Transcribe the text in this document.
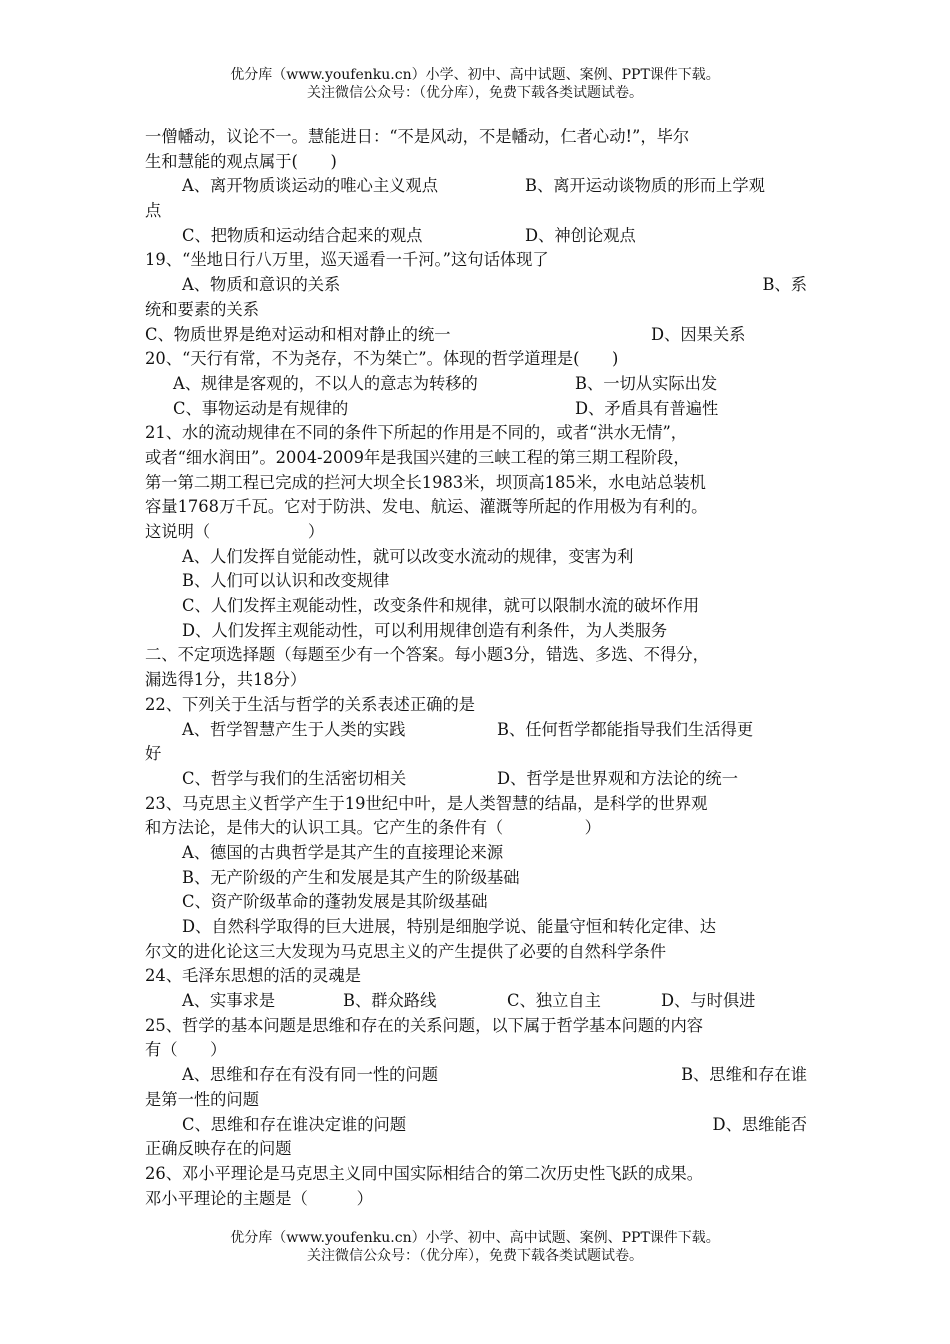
优分库（www.youfenku.cn）小学、初中、高中试题、案例、PPT课件下载。
关注微信公众号：（优分库），免费下载各类试题试卷。
一僧幡动，议论不一。慧能进日：“不是风动，不是幡动，仁者心动!”，毕尔
生和慧能的观点属于(　　)
A、离开物质谈运动的唯心主义观点	B、离开运动谈物质的形而上学观
点
C、把物质和运动结合起来的观点	D、神创论观点
19、“坐地日行八万里，巡天遥看一千河。”这句话体现了
A、物质和意识的关系	B、系
统和要素的关系
C、物质世界是绝对运动和相对静止的统一	D、因果关系
20、“天行有常，不为尧存，不为桀亡”。体现的哲学道理是(　　)
A、规律是客观的，不以人的意志为转移的	B、一切从实际出发
C、事物运动是有规律的	D、矛盾具有普遍性
21、水的流动规律在不同的条件下所起的作用是不同的，或者“洪水无情”，
或者“细水润田”。2004-2009年是我国兴建的三峡工程的第三期工程阶段，
第一第二期工程已完成的拦河大坝全长1983米，坝顶高185米，水电站总装机
容量1768万千瓦。它对于防洪、发电、航运、灌溉等所起的作用极为有利的。
这说明（　　　　　　）
A、人们发挥自觉能动性，就可以改变水流动的规律，变害为利
B、人们可以认识和改变规律
C、人们发挥主观能动性，改变条件和规律，就可以限制水流的破坏作用
D、人们发挥主观能动性，可以利用规律创造有利条件，为人类服务
二、不定项选择题（每题至少有一个答案。每小题3分，错选、多选、不得分，
漏选得1分，共18分）
22、下列关于生活与哲学的关系表述正确的是
A、哲学智慧产生于人类的实践	B、任何哲学都能指导我们生活得更
好
C、哲学与我们的生活密切相关	D、哲学是世界观和方法论的统一
23、马克思主义哲学产生于19世纪中叶，是人类智慧的结晶，是科学的世界观
和方法论，是伟大的认识工具。它产生的条件有（　　　　　）
A、德国的古典哲学是其产生的直接理论来源
B、无产阶级的产生和发展是其产生的阶级基础
C、资产阶级革命的蓬勃发展是其阶级基础
D、自然科学取得的巨大进展，特别是细胞学说、能量守恒和转化定律、达
尔文的进化论这三大发现为马克思主义的产生提供了必要的自然科学条件
24、毛泽东思想的活的灵魂是
A、实事求是	B、群众路线	C、独立自主	D、与时俱进
25、哲学的基本问题是思维和存在的关系问题，以下属于哲学基本问题的内容
有（　　）
A、思维和存在有没有同一性的问题	B、思维和存在谁
是第一性的问题
C、思维和存在谁决定谁的问题	D、思维能否
正确反映存在的问题
26、邓小平理论是马克思主义同中国实际相结合的第二次历史性飞跃的成果。
邓小平理论的主题是（　　　）
优分库（www.youfenku.cn）小学、初中、高中试题、案例、PPT课件下载。
关注微信公众号：（优分库），免费下载各类试题试卷。
